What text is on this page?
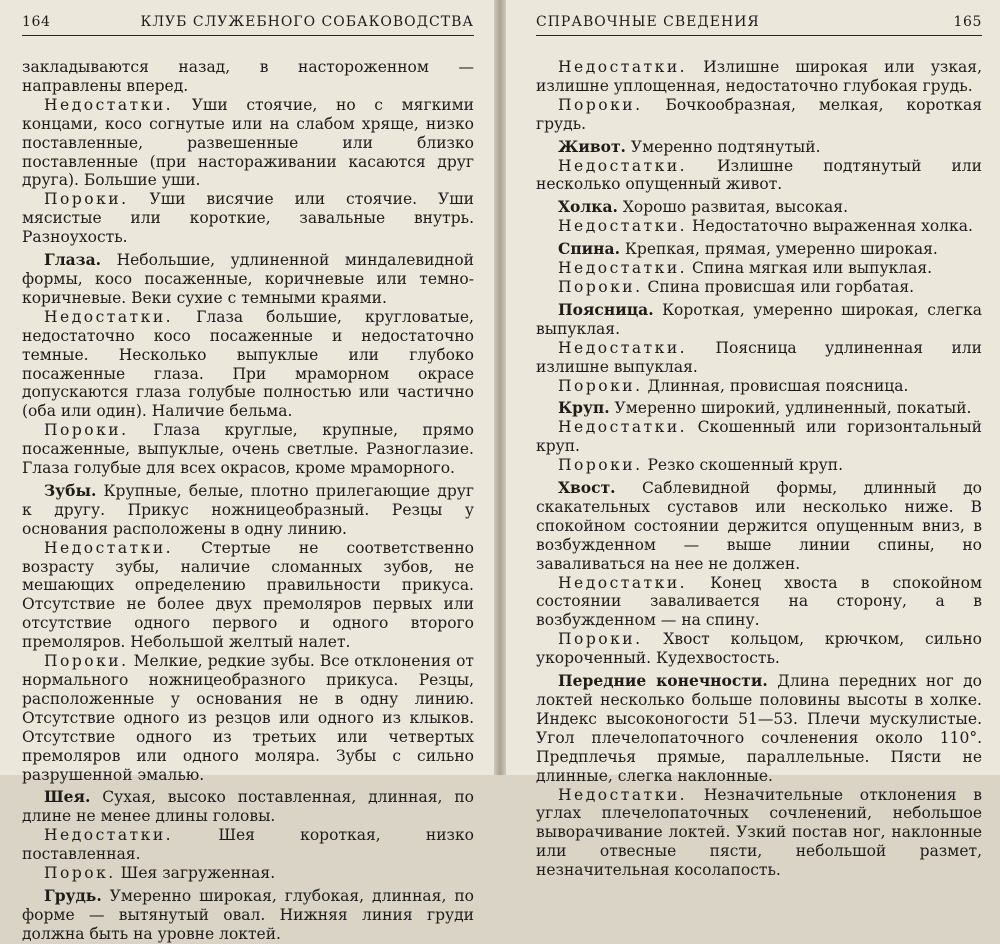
164	КЛУБ СЛУЖЕБНОГО СОБАКОВОДСТВА

закладываются назад, в настороженном — направлены вперед.

Недостатки. Уши стоячие, но с мягкими концами, косо согнутые или на слабом хряще, низко поставленные, развешенные или близко поставленные (при настораживании касаются друг друга). Большие уши.

Пороки. Уши висячие или стоячие. Уши мясистые или короткие, завальные внутрь. Разноухость.

Глаза. Небольшие, удлиненной миндалевидной формы, косо посаженные, коричневые или темно-коричневые. Веки сухие с темными краями.

Недостатки. Глаза большие, кругловатые, недостаточно косо посаженные и недостаточно темные. Несколько выпуклые или глубоко посаженные глаза. При мраморном окрасе допускаются глаза голубые полностью или частично (оба или один). Наличие бельма.

Пороки. Глаза круглые, крупные, прямо посаженные, выпуклые, очень светлые. Разноглазие. Глаза голубые для всех окрасов, кроме мраморного.

Зубы. Крупные, белые, плотно прилегающие друг к другу. Прикус ножницеобразный. Резцы у основания расположены в одну линию.

Недостатки. Стертые не соответственно возрасту зубы, наличие сломанных зубов, не мешающих определению правильности прикуса. Отсутствие не более двух премоляров первых или отсутствие одного первого и одного второго премоляров. Небольшой желтый налет.

Пороки. Мелкие, редкие зубы. Все отклонения от нормального ножницеобразного прикуса. Резцы, расположенные у основания не в одну линию. Отсутствие одного из резцов или одного из клыков. Отсутствие одного из третьих или четвертых премоляров или одного моляра. Зубы с сильно разрушенной эмалью.

Шея. Сухая, высоко поставленная, длинная, по длине не менее длины головы.

Недостатки.	Шея короткая, низко поставленная.

Порок. Шея загруженная.

Грудь. Умеренно широкая, глубокая, длинная, по форме — вытянутый овал. Нижняя линия груди должна быть на уровне локтей.

СПРАВОЧНЫЕ СВЕДЕНИЯ	165

Недостатки. Излишне широкая или узкая, излишне уплощенная, недостаточно глубокая грудь.

Пороки. Бочкообразная, мелкая, короткая грудь.

Живот. Умеренно подтянутый.

Недостатки. Излишне подтянутый или несколько опущенный живот.

Холка. Хорошо развитая, высокая.

Недостатки. Недостаточно выраженная холка.

Спина. Крепкая, прямая, умеренно широкая.

Недостатки. Спина мягкая или выпуклая.

Пороки. Спина провисшая или горбатая.

Поясница. Короткая, умеренно широкая, слегка выпуклая.

Недостатки. Поясница удлиненная или излишне выпуклая.

Пороки. Длинная, провисшая поясница.

Круп. Умеренно широкий, удлиненный, покатый.

Недостатки. Скошенный или горизонтальный круп.

Пороки. Резко скошенный круп.

Хвост. Саблевидной формы, длинный до скакательных суставов или несколько ниже. В спокойном состоянии держится опущенным вниз, в возбужденном — выше линии спины, но заваливаться на нее не должен.

Недостатки. Конец хвоста в спокойном состоянии заваливается на сторону, а в возбужденном — на спину.

Пороки. Хвост кольцом, крючком, сильно укороченный. Кудехвостость.

Передние конечности. Длина передних ног до локтей несколько больше половины высоты в холке. Индекс высоконогости 51—53. Плечи мускулистые. Угол плечелопаточного сочленения около 110°. Предплечья прямые, параллельные. Пясти не длинные, слегка наклонные.

Недостатки. Незначительные отклонения в углах плечелопаточных сочленений, небольшое выворачивание локтей. Узкий постав ног, наклонные или отвесные пясти, небольшой размет, незначительная косолапость.
